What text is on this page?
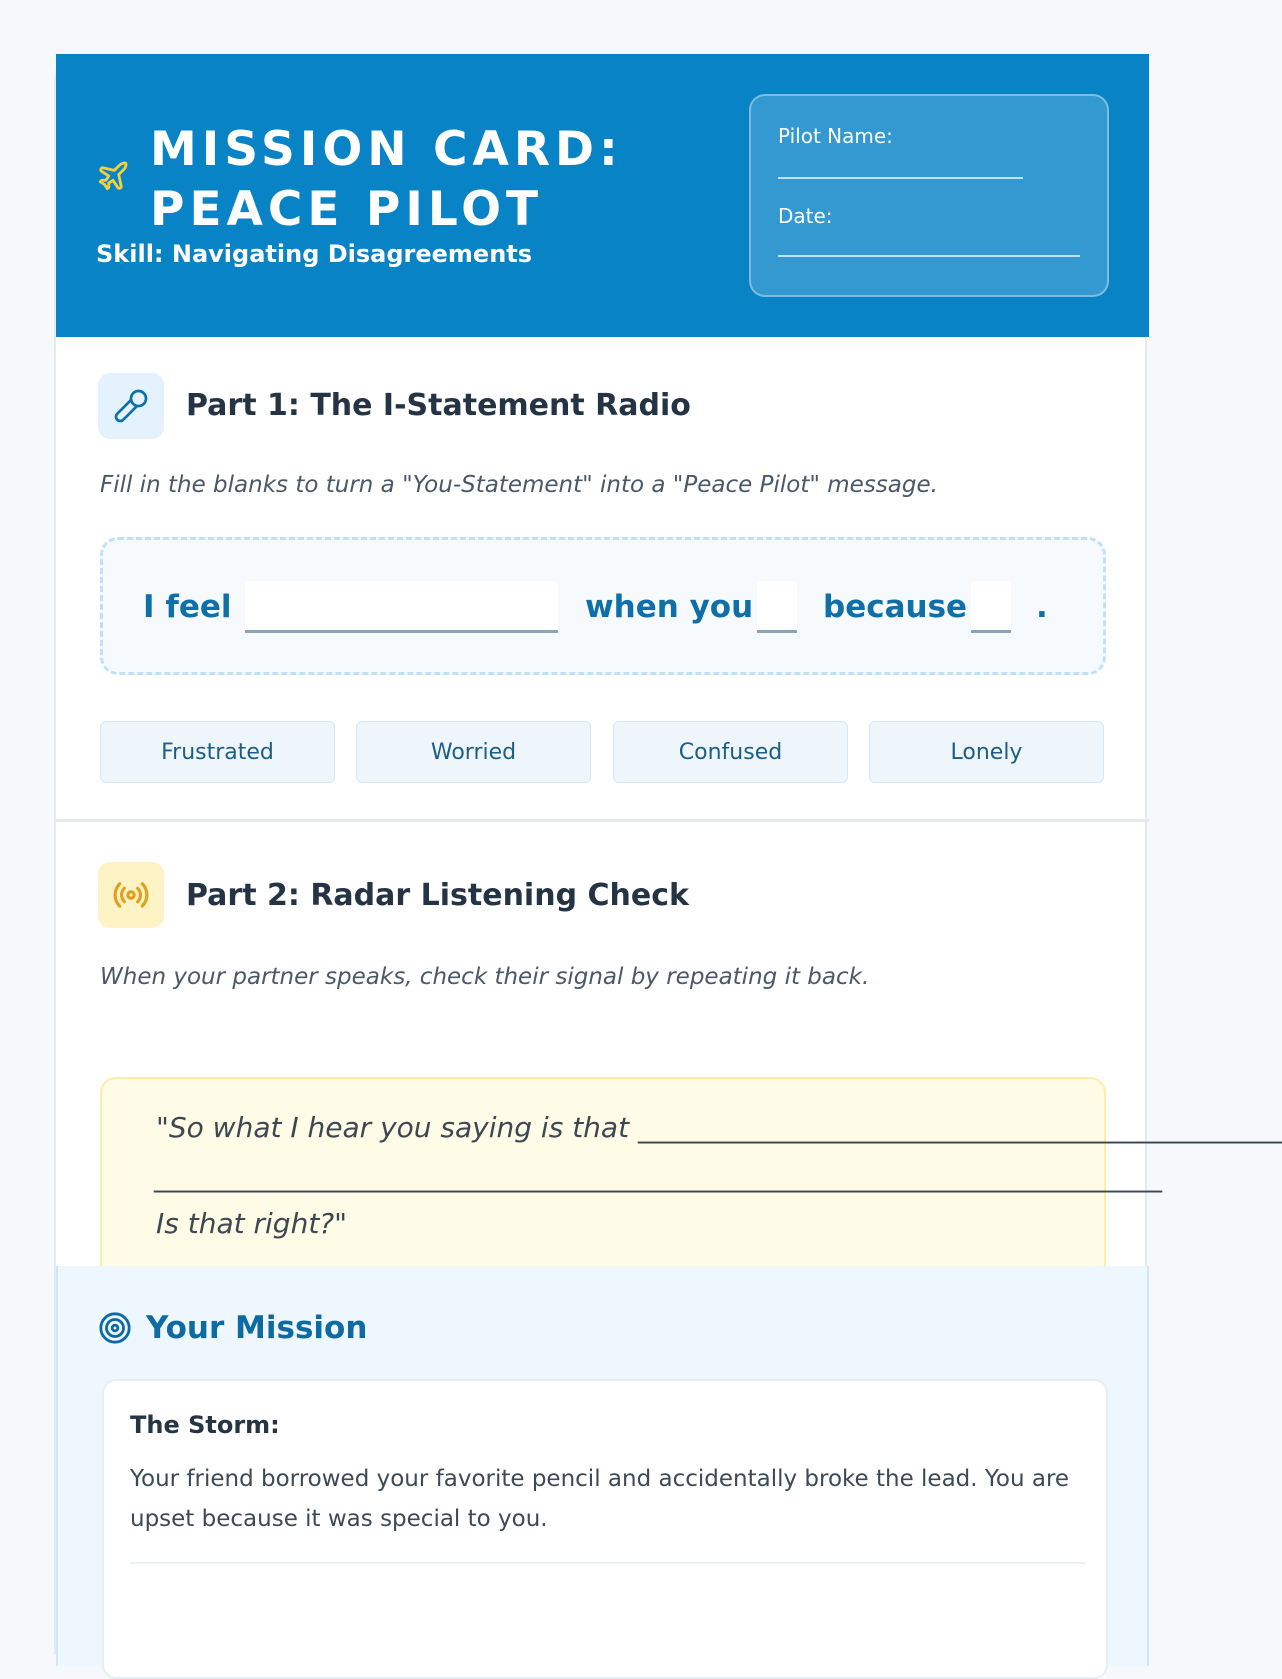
MISSION CARD: PEACE PILOT
Skill: Navigating Disagreements
Pilot Name:
Date:
Part 1: The I-Statement Radio
Fill in the blanks to turn a "You-Statement" into a "Peace Pilot" message.
I feel	when you because .
Frustrated	Worried	Confused	Lonely
Part 2: Radar Listening Check
When your partner speaks, check their signal by repeating it back.
"So what I hear you saying is that ______________________________________________
________________________________________________________________________
Is that right?"
Your Mission
The Storm:
Your friend borrowed your favorite pencil and accidentally broke the lead. You are upset because it was special to you.
